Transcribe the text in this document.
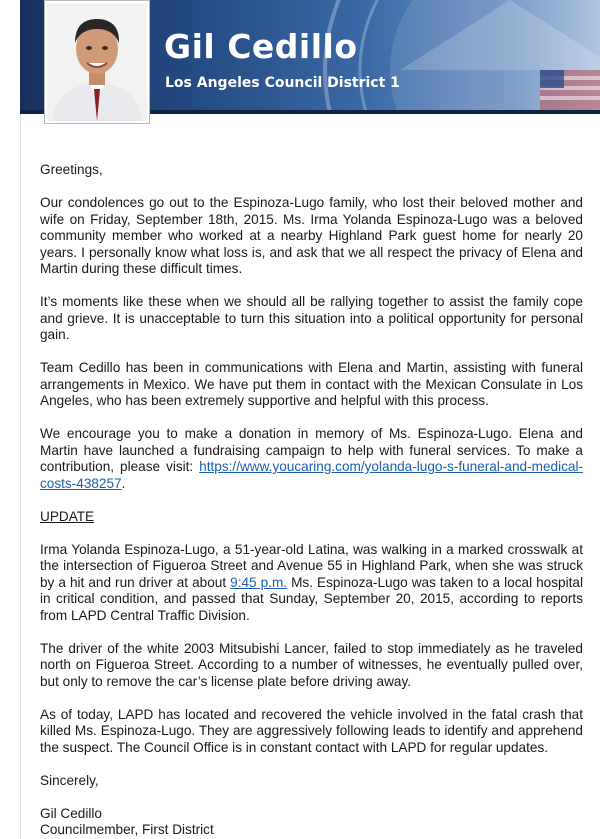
Gil Cedillo
Los Angeles Council District 1

Greetings,

Our condolences go out to the Espinoza-Lugo family, who lost their beloved mother and wife on Friday, September 18th, 2015. Ms. Irma Yolanda Espinoza-Lugo was a beloved community member who worked at a nearby Highland Park guest home for nearly 20 years. I personally know what loss is, and ask that we all respect the privacy of Elena and Martin during these difficult times.

It’s moments like these when we should all be rallying together to assist the family cope and grieve. It is unacceptable to turn this situation into a political opportunity for personal gain.

Team Cedillo has been in communications with Elena and Martin, assisting with funeral arrangements in Mexico. We have put them in contact with the Mexican Consulate in Los Angeles, who has been extremely supportive and helpful with this process.

We encourage you to make a donation in memory of Ms. Espinoza-Lugo. Elena and Martin have launched a fundraising campaign to help with funeral services. To make a contribution, please visit: https://www.youcaring.com/yolanda-lugo-s-funeral-and-medical-costs-438257.

UPDATE

Irma Yolanda Espinoza-Lugo, a 51-year-old Latina, was walking in a marked crosswalk at the intersection of Figueroa Street and Avenue 55 in Highland Park, when she was struck by a hit and run driver at about 9:45 p.m. Ms. Espinoza-Lugo was taken to a local hospital in critical condition, and passed that Sunday, September 20, 2015, according to reports from LAPD Central Traffic Division.

The driver of the white 2003 Mitsubishi Lancer, failed to stop immediately as he traveled north on Figueroa Street. According to a number of witnesses, he eventually pulled over, but only to remove the car’s license plate before driving away.

As of today, LAPD has located and recovered the vehicle involved in the fatal crash that killed Ms. Espinoza-Lugo. They are aggressively following leads to identify and apprehend the suspect. The Council Office is in constant contact with LAPD for regular updates.

Sincerely,

Gil Cedillo
Councilmember, First District
